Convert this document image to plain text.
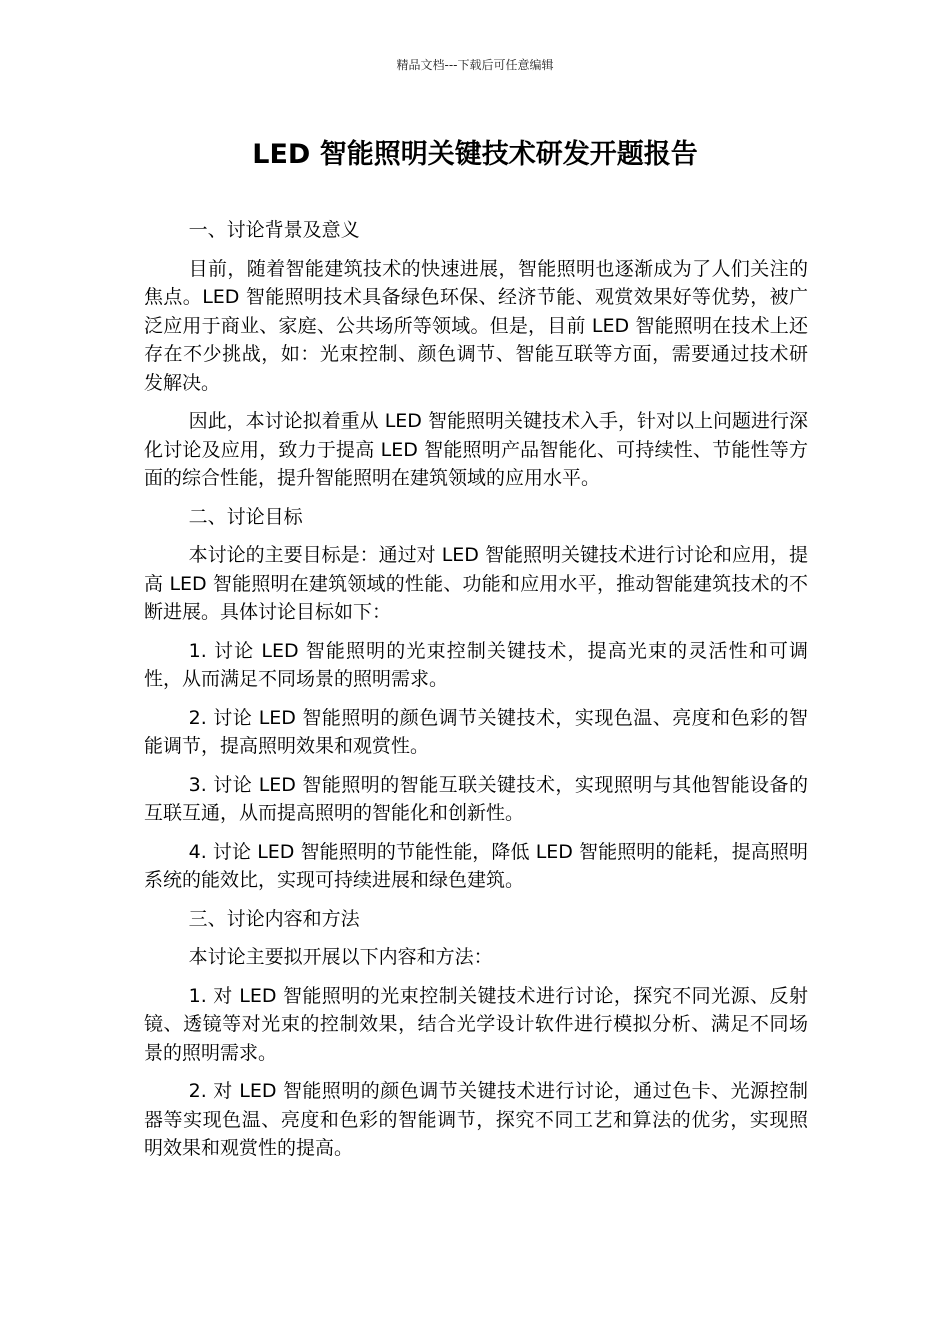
精品文档---下载后可任意编辑
LED 智能照明关键技术研发开题报告

一、讨论背景及意义

目前，随着智能建筑技术的快速进展，智能照明也逐渐成为了人们关注的焦点。LED 智能照明技术具备绿色环保、经济节能、观赏效果好等优势，被广泛应用于商业、家庭、公共场所等领域。但是，目前 LED 智能照明在技术上还存在不少挑战，如：光束控制、颜色调节、智能互联等方面，需要通过技术研发解决。

因此，本讨论拟着重从 LED 智能照明关键技术入手，针对以上问题进行深化讨论及应用，致力于提高 LED 智能照明产品智能化、可持续性、节能性等方面的综合性能，提升智能照明在建筑领域的应用水平。

二、讨论目标

本讨论的主要目标是：通过对 LED 智能照明关键技术进行讨论和应用，提高 LED 智能照明在建筑领域的性能、功能和应用水平，推动智能建筑技术的不断进展。具体讨论目标如下：

1. 讨论 LED 智能照明的光束控制关键技术，提高光束的灵活性和可调性，从而满足不同场景的照明需求。

2. 讨论 LED 智能照明的颜色调节关键技术，实现色温、亮度和色彩的智能调节，提高照明效果和观赏性。

3. 讨论 LED 智能照明的智能互联关键技术，实现照明与其他智能设备的互联互通，从而提高照明的智能化和创新性。

4. 讨论 LED 智能照明的节能性能，降低 LED 智能照明的能耗，提高照明系统的能效比，实现可持续进展和绿色建筑。

三、讨论内容和方法

本讨论主要拟开展以下内容和方法：

1. 对 LED 智能照明的光束控制关键技术进行讨论，探究不同光源、反射镜、透镜等对光束的控制效果，结合光学设计软件进行模拟分析、满足不同场景的照明需求。

2. 对 LED 智能照明的颜色调节关键技术进行讨论，通过色卡、光源控制器等实现色温、亮度和色彩的智能调节，探究不同工艺和算法的优劣，实现照明效果和观赏性的提高。
